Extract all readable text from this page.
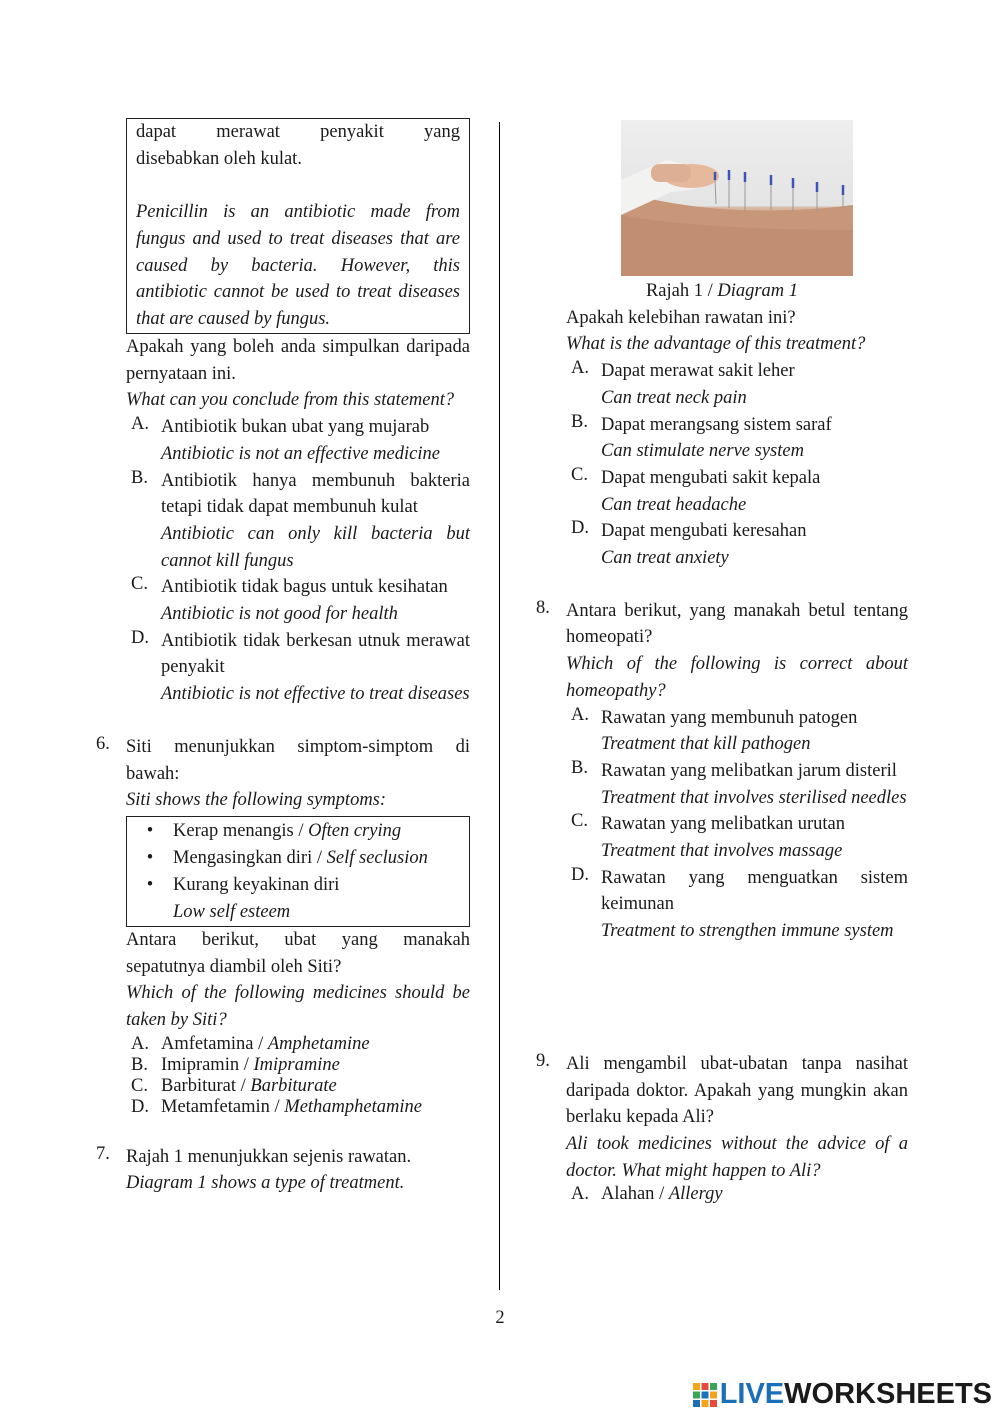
dapat merawat penyakit yang

disebabkan oleh kulat.

Penicillin is an antibiotic made from fungus and used to treat diseases that are caused by bacteria. However, this antibiotic cannot be used to treat diseases that are caused by fungus.

Apakah yang boleh anda simpulkan daripada pernyataan ini.

What can you conclude from this statement?

A. Antibiotik bukan ubat yang mujarab

Antibiotic is not an effective medicine

B. Antibiotik hanya membunuh bakteria tetapi tidak dapat membunuh kulat

Antibiotic can only kill bacteria but cannot kill fungus

C. Antibiotik tidak bagus untuk kesihatan

Antibiotic is not good for health

D. Antibiotik tidak berkesan utnuk merawat penyakit

Antibiotic is not effective to treat diseases

6. Siti menunjukkan simptom-simptom di bawah:

Siti shows the following symptoms:

•	Kerap menangis / Often crying
•	Mengasingkan diri / Self seclusion
•	Kurang keyakinan diri
Low self esteem

Antara berikut, ubat yang manakah sepatutnya diambil oleh Siti?

Which of the following medicines should be taken by Siti?

A. Amfetamina / Amphetamine
B. Imipramin / Imipramine
C. Barbiturat / Barbiturate
D. Metamfetamin / Methamphetamine
7. Rajah 1 menunjukkan sejenis rawatan.

Diagram 1 shows a type of treatment.

Rajah 1 / Diagram 1

Apakah kelebihan rawatan ini?

What is the advantage of this treatment?

A. Dapat merawat sakit leher

Can treat neck pain

B. Dapat merangsang sistem saraf

Can stimulate nerve system

C. Dapat mengubati sakit kepala

Can treat headache

D. Dapat mengubati keresahan

Can treat anxiety

8. Antara berikut, yang manakah betul tentang homeopati?

Which of the following is correct about homeopathy?

A. Rawatan yang membunuh patogen

Treatment that kill pathogen

B. Rawatan yang melibatkan jarum disteril

Treatment that involves sterilised needles

C. Rawatan yang melibatkan urutan

Treatment that involves massage

D. Rawatan yang menguatkan sistem keimunan

Treatment to strengthen immune system

9. Ali mengambil ubat-ubatan tanpa nasihat daripada doktor. Apakah yang mungkin akan berlaku kepada Ali?

Ali took medicines without the advice of a doctor. What might happen to Ali?

A. Alahan / Allergy
2
LIVE WORKSHEETS
